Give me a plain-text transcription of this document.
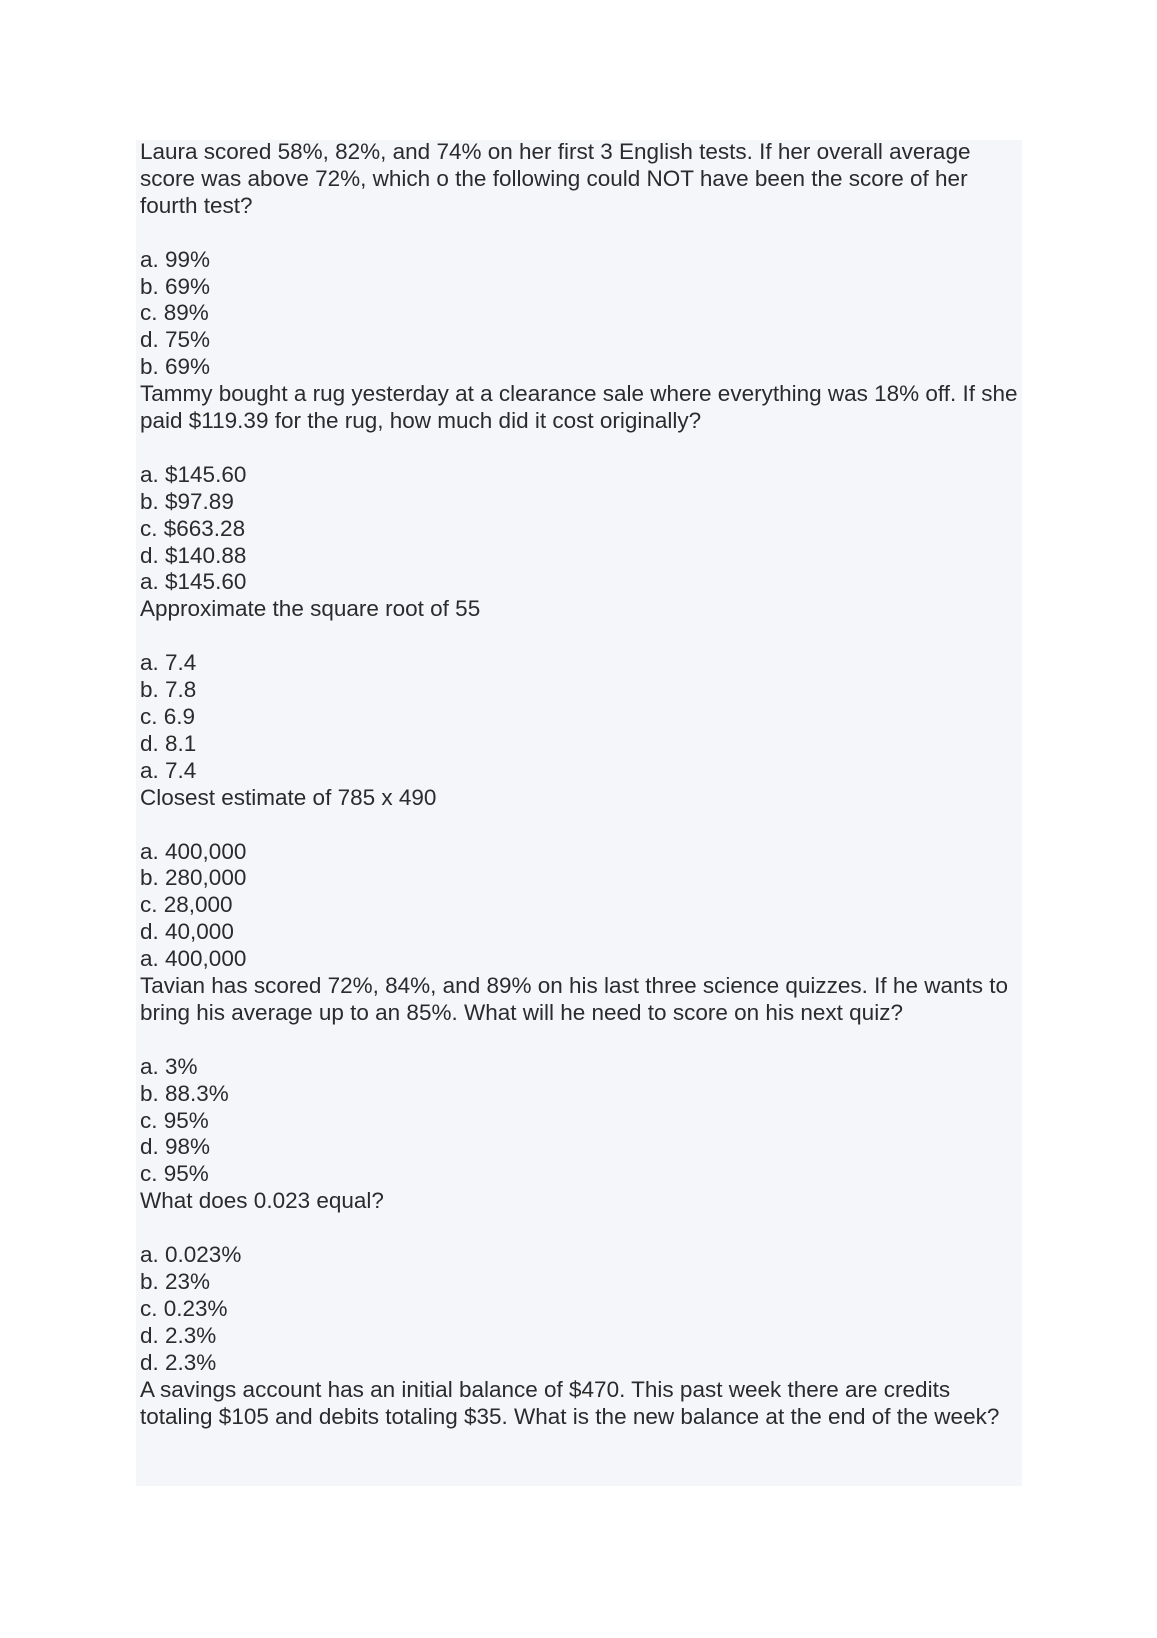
Laura scored 58%, 82%, and 74% on her first 3 English tests. If her overall average score was above 72%, which o the following could NOT have been the score of her fourth test?
a. 99%
b. 69%
c. 89%
d. 75%
b. 69%
Tammy bought a rug yesterday at a clearance sale where everything was 18% off. If she paid $119.39 for the rug, how much did it cost originally?
a. $145.60
b. $97.89
c. $663.28
d. $140.88
a. $145.60
Approximate the square root of 55
a. 7.4
b. 7.8
c. 6.9
d. 8.1
a. 7.4
Closest estimate of 785 x 490
a. 400,000
b. 280,000
c. 28,000
d. 40,000
a. 400,000
Tavian has scored 72%, 84%, and 89% on his last three science quizzes. If he wants to bring his average up to an 85%. What will he need to score on his next quiz?
a. 3%
b. 88.3%
c. 95%
d. 98%
c. 95%
What does 0.023 equal?
a. 0.023%
b. 23%
c. 0.23%
d. 2.3%
d. 2.3%
A savings account has an initial balance of $470. This past week there are credits totaling $105 and debits totaling $35. What is the new balance at the end of the week?
